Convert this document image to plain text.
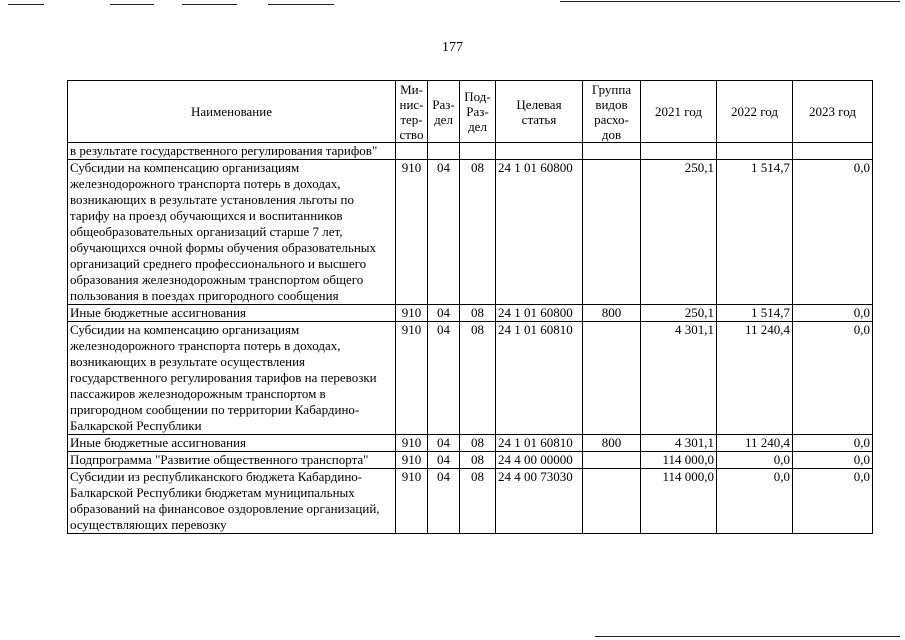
177
Наименование	Ми-
нис-
тер-
ство	Раз-
дел	Под-
Раз-
дел	Целевая
статья	Группа
видов
расхо-
дов	2021 год	2022 год	2023 год
в результате государственного регулирования тарифов"								
Субсидии на компенсацию организациям железнодорожного транспорта потерь в доходах, возникающих в результате установления льготы по тарифу на проезд обучающихся и воспитанников общеобразовательных организаций старше 7 лет, обучающихся очной формы обучения образовательных организаций среднего профессионального и высшего образования железнодорожным транспортом общего пользования в поездах пригородного сообщения	910	04	08	24 1 01 60800		250,1	1 514,7	0,0
Иные бюджетные ассигнования	910	04	08	24 1 01 60800	800	250,1	1 514,7	0,0
Субсидии на компенсацию организациям железнодорожного транспорта потерь в доходах, возникающих в результате осуществления государственного регулирования тарифов на перевозки пассажиров железнодорожным транспортом в пригородном сообщении по территории Кабардино-Балкарской Республики	910	04	08	24 1 01 60810		4 301,1	11 240,4	0,0
Иные бюджетные ассигнования	910	04	08	24 1 01 60810	800	4 301,1	11 240,4	0,0
Подпрограмма "Развитие общественного транспорта"	910	04	08	24 4 00 00000		114 000,0	0,0	0,0
Субсидии из республиканского бюджета Кабардино-Балкарской Республики бюджетам муниципальных образований на финансовое оздоровление организаций, осуществляющих перевозку	910	04	08	24 4 00 73030		114 000,0	0,0	0,0
